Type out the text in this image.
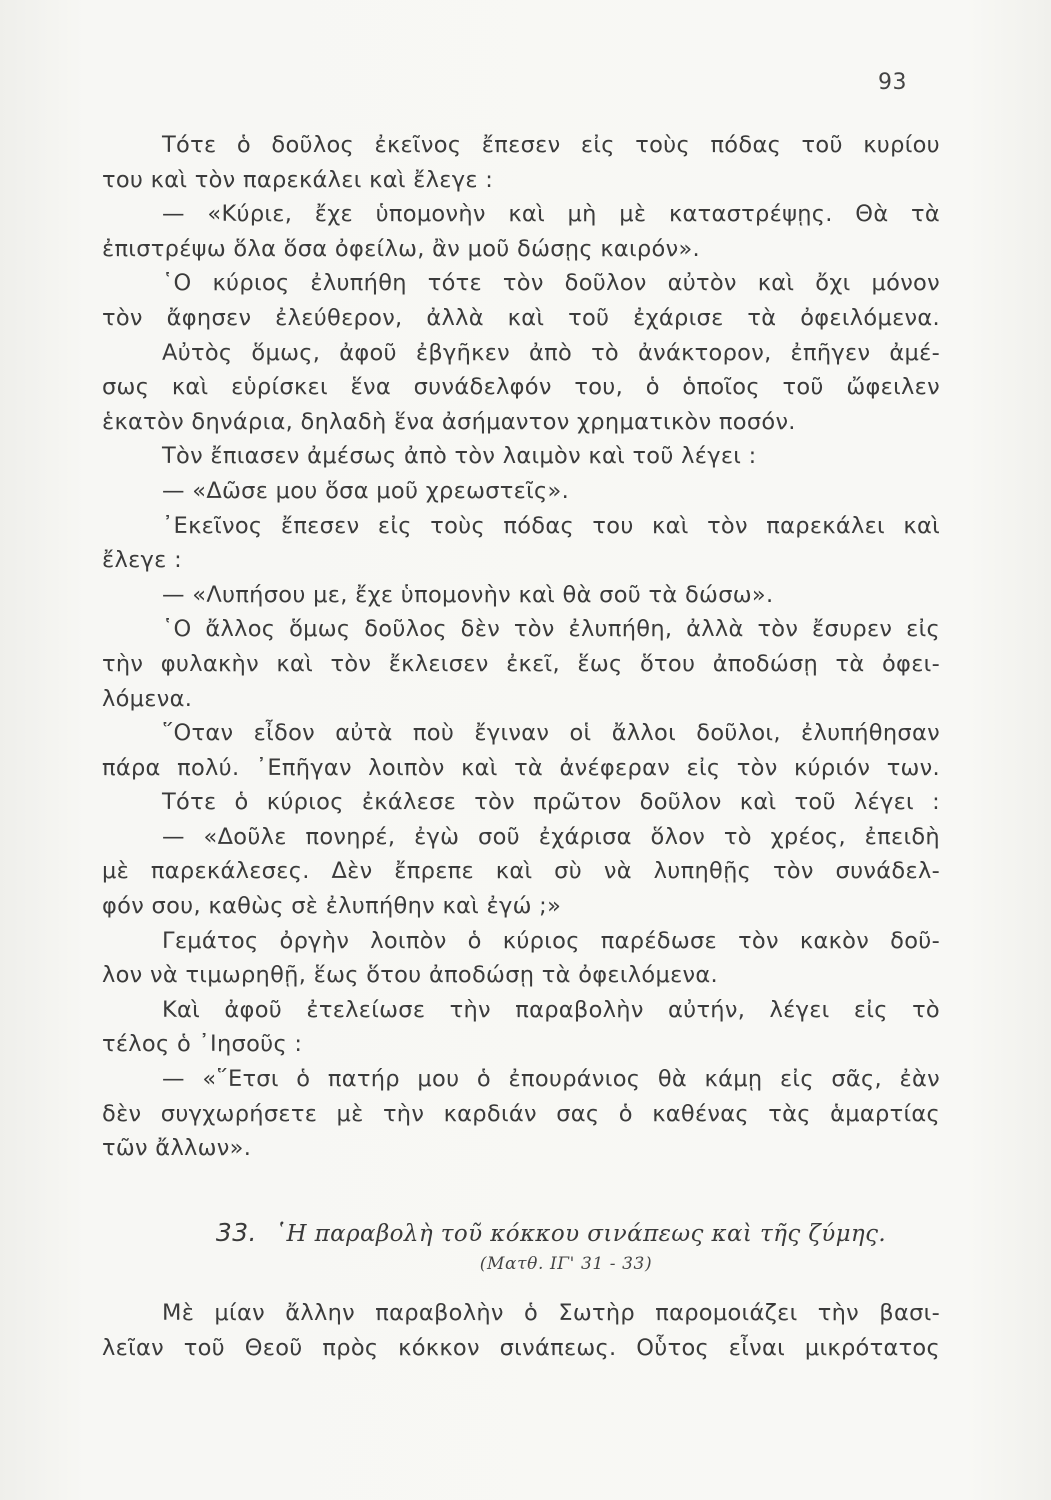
93

Τότε ὁ δοῦλος ἐκεῖνος ἔπεσεν εἰς τοὺς πόδας τοῦ κυρίου
του καὶ τὸν παρεκάλει καὶ ἔλεγε :

— «Κύριε, ἔχε ὑπομονὴν καὶ μὴ μὲ καταστρέψῃς. Θὰ τὰ
ἐπιστρέψω ὅλα ὅσα ὀφείλω, ἂν μοῦ δώσῃς καιρόν».

῾Ο κύριος ἐλυπήθη τότε τὸν δοῦλον αὐτὸν καὶ ὄχι μόνον
τὸν ἄφησεν ἐλεύθερον, ἀλλὰ καὶ τοῦ ἐχάρισε τὰ ὀφειλόμενα.

Αὐτὸς ὅμως, ἀφοῦ ἐβγῆκεν ἀπὸ τὸ ἀνάκτορον, ἐπῆγεν ἀμέ-
σως καὶ εὑρίσκει ἕνα συνάδελφόν του, ὁ ὁποῖος τοῦ ὤφειλεν
ἑκατὸν δηνάρια, δηλαδὴ ἕνα ἀσήμαντον χρηματικὸν ποσόν.

Τὸν ἔπιασεν ἀμέσως ἀπὸ τὸν λαιμὸν καὶ τοῦ λέγει :

— «Δῶσε μου ὅσα μοῦ χρεωστεῖς».

᾿Εκεῖνος ἔπεσεν εἰς τοὺς πόδας του καὶ τὸν παρεκάλει καὶ
ἔλεγε :

— «Λυπήσου με, ἔχε ὑπομονὴν καὶ θὰ σοῦ τὰ δώσω».

῾Ο ἄλλος ὅμως δοῦλος δὲν τὸν ἐλυπήθη, ἀλλὰ τὸν ἔσυρεν εἰς
τὴν φυλακὴν καὶ τὸν ἔκλεισεν ἐκεῖ, ἕως ὅτου ἀποδώσῃ τὰ ὀφει-
λόμενα.

῞Οταν εἶδον αὐτὰ ποὺ ἔγιναν οἱ ἄλλοι δοῦλοι, ἐλυπήθησαν
πάρα πολύ. ᾿Επῆγαν λοιπὸν καὶ τὰ ἀνέφεραν εἰς τὸν κύριόν των.

Τότε ὁ κύριος ἐκάλεσε τὸν πρῶτον δοῦλον καὶ τοῦ λέγει :

— «Δοῦλε πονηρέ, ἐγὼ σοῦ ἐχάρισα ὅλον τὸ χρέος, ἐπειδὴ
μὲ παρεκάλεσες. Δὲν ἔπρεπε καὶ σὺ νὰ λυπηθῇς τὸν συνάδελ-
φόν σου, καθὼς σὲ ἐλυπήθην καὶ ἐγώ ;»

Γεμάτος ὀργὴν λοιπὸν ὁ κύριος παρέδωσε τὸν κακὸν δοῦ-
λον νὰ τιμωρηθῇ, ἕως ὅτου ἀποδώσῃ τὰ ὀφειλόμενα.

Καὶ ἀφοῦ ἐτελείωσε τὴν παραβολὴν αὐτήν, λέγει εἰς τὸ
τέλος ὁ ᾿Ιησοῦς :

— «῞Ετσι ὁ πατήρ μου ὁ ἐπουράνιος θὰ κάμῃ εἰς σᾶς, ἐὰν
δὲν συγχωρήσετε μὲ τὴν καρδιάν σας ὁ καθένας τὰς ἁμαρτίας
τῶν ἄλλων».

33. ῾Η παραβολὴ τοῦ κόκκου σινάπεως καὶ τῆς ζύμης.
(Ματθ. ΙΓ' 31 - 33)

Μὲ μίαν ἄλλην παραβολὴν ὁ Σωτὴρ παρομοιάζει τὴν βασι-
λεῖαν τοῦ Θεοῦ πρὸς κόκκον σινάπεως. Οὗτος εἶναι μικρότατος
